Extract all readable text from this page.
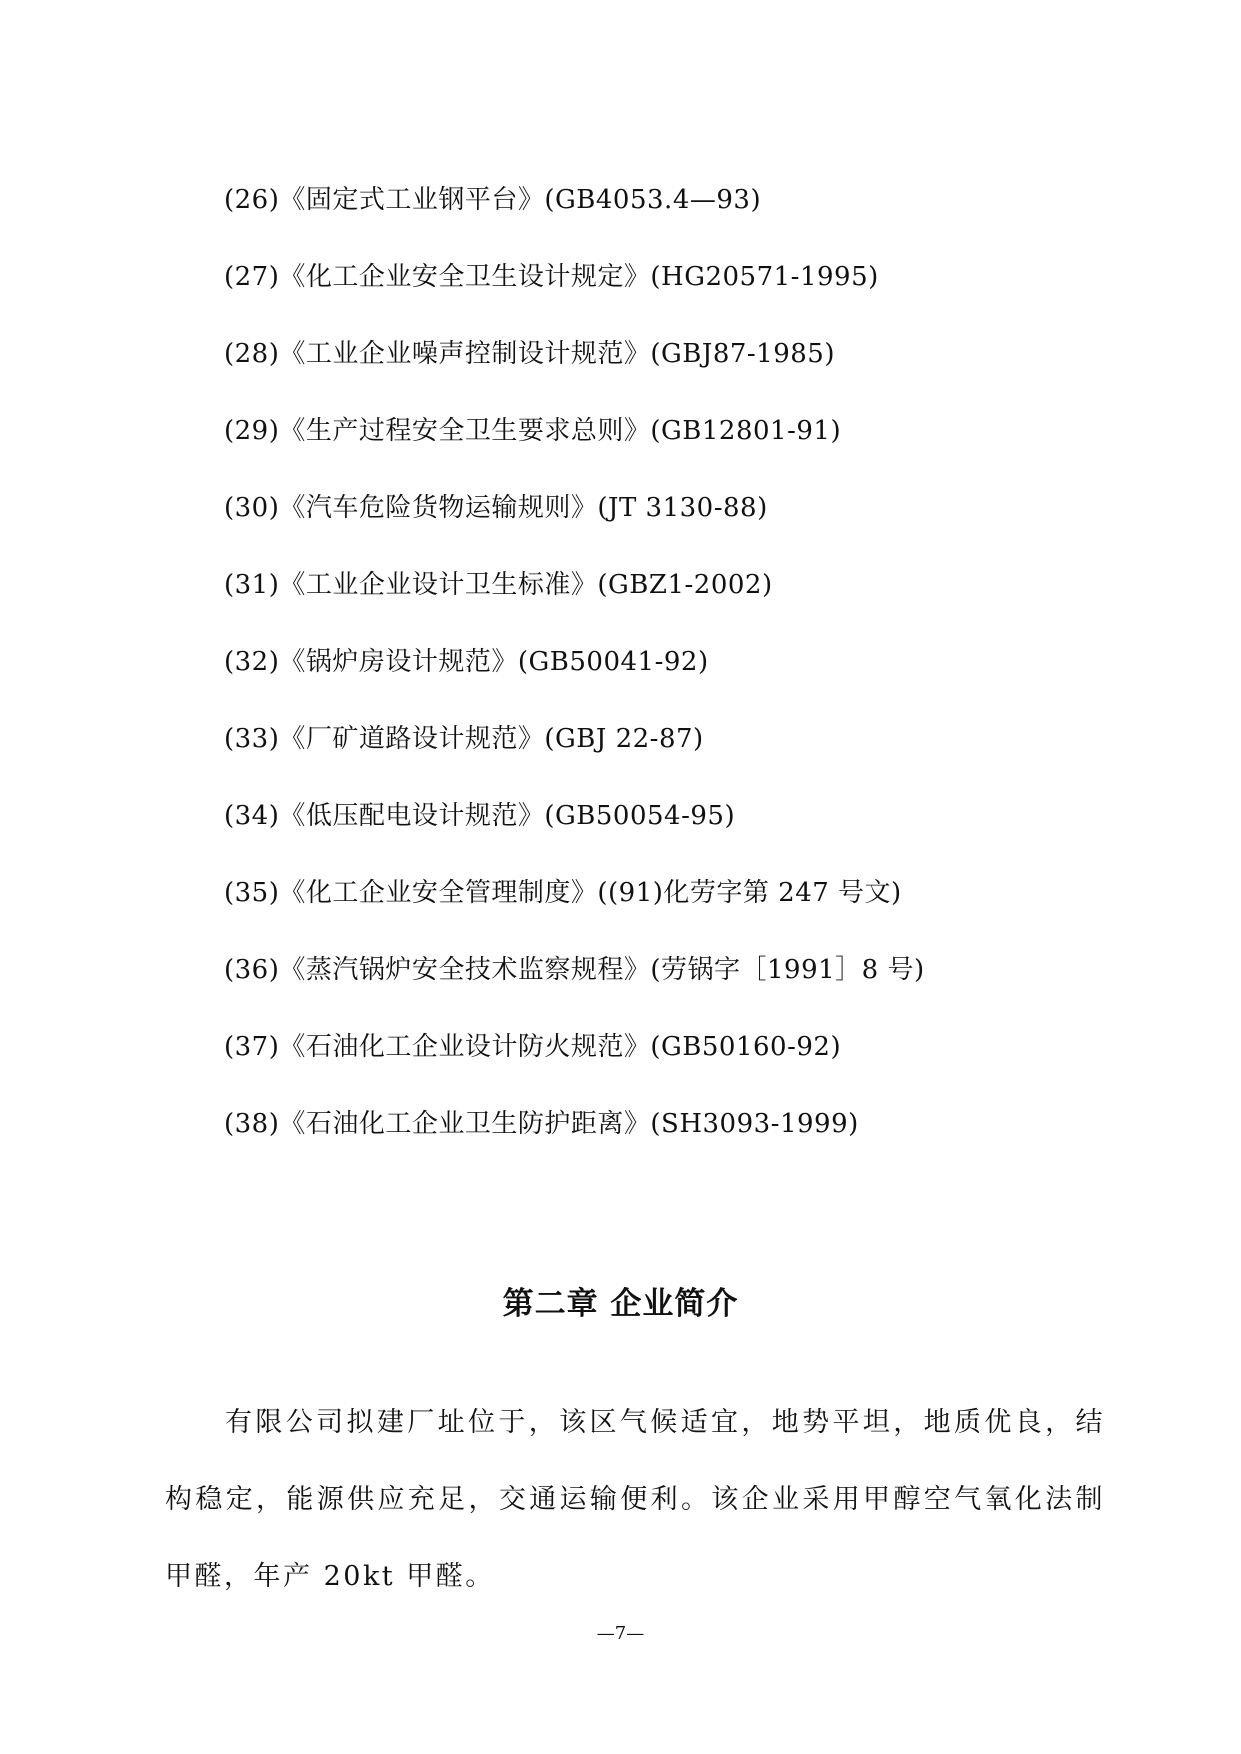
(26)《固定式工业钢平台》(GB4053.4—93)
(27)《化工企业安全卫生设计规定》(HG20571-1995)
(28)《工业企业噪声控制设计规范》(GBJ87-1985)
(29)《生产过程安全卫生要求总则》(GB12801-91)
(30)《汽车危险货物运输规则》(JT 3130-88)
(31)《工业企业设计卫生标准》(GBZ1-2002)
(32)《锅炉房设计规范》(GB50041-92)
(33)《厂矿道路设计规范》(GBJ 22-87)
(34)《低压配电设计规范》(GB50054-95)
(35)《化工企业安全管理制度》((91)化劳字第 247 号文)
(36)《蒸汽锅炉安全技术监察规程》(劳锅字［1991］8 号)
(37)《石油化工企业设计防火规范》(GB50160-92)
(38)《石油化工企业卫生防护距离》(SH3093-1999)
第二章 企业简介

有限公司拟建厂址位于，该区气候适宜，地势平坦，地质优良，结构稳定，能源供应充足，交通运输便利。该企业采用甲醇空气氧化法制甲醛，年产 20kt 甲醛。

—7—
